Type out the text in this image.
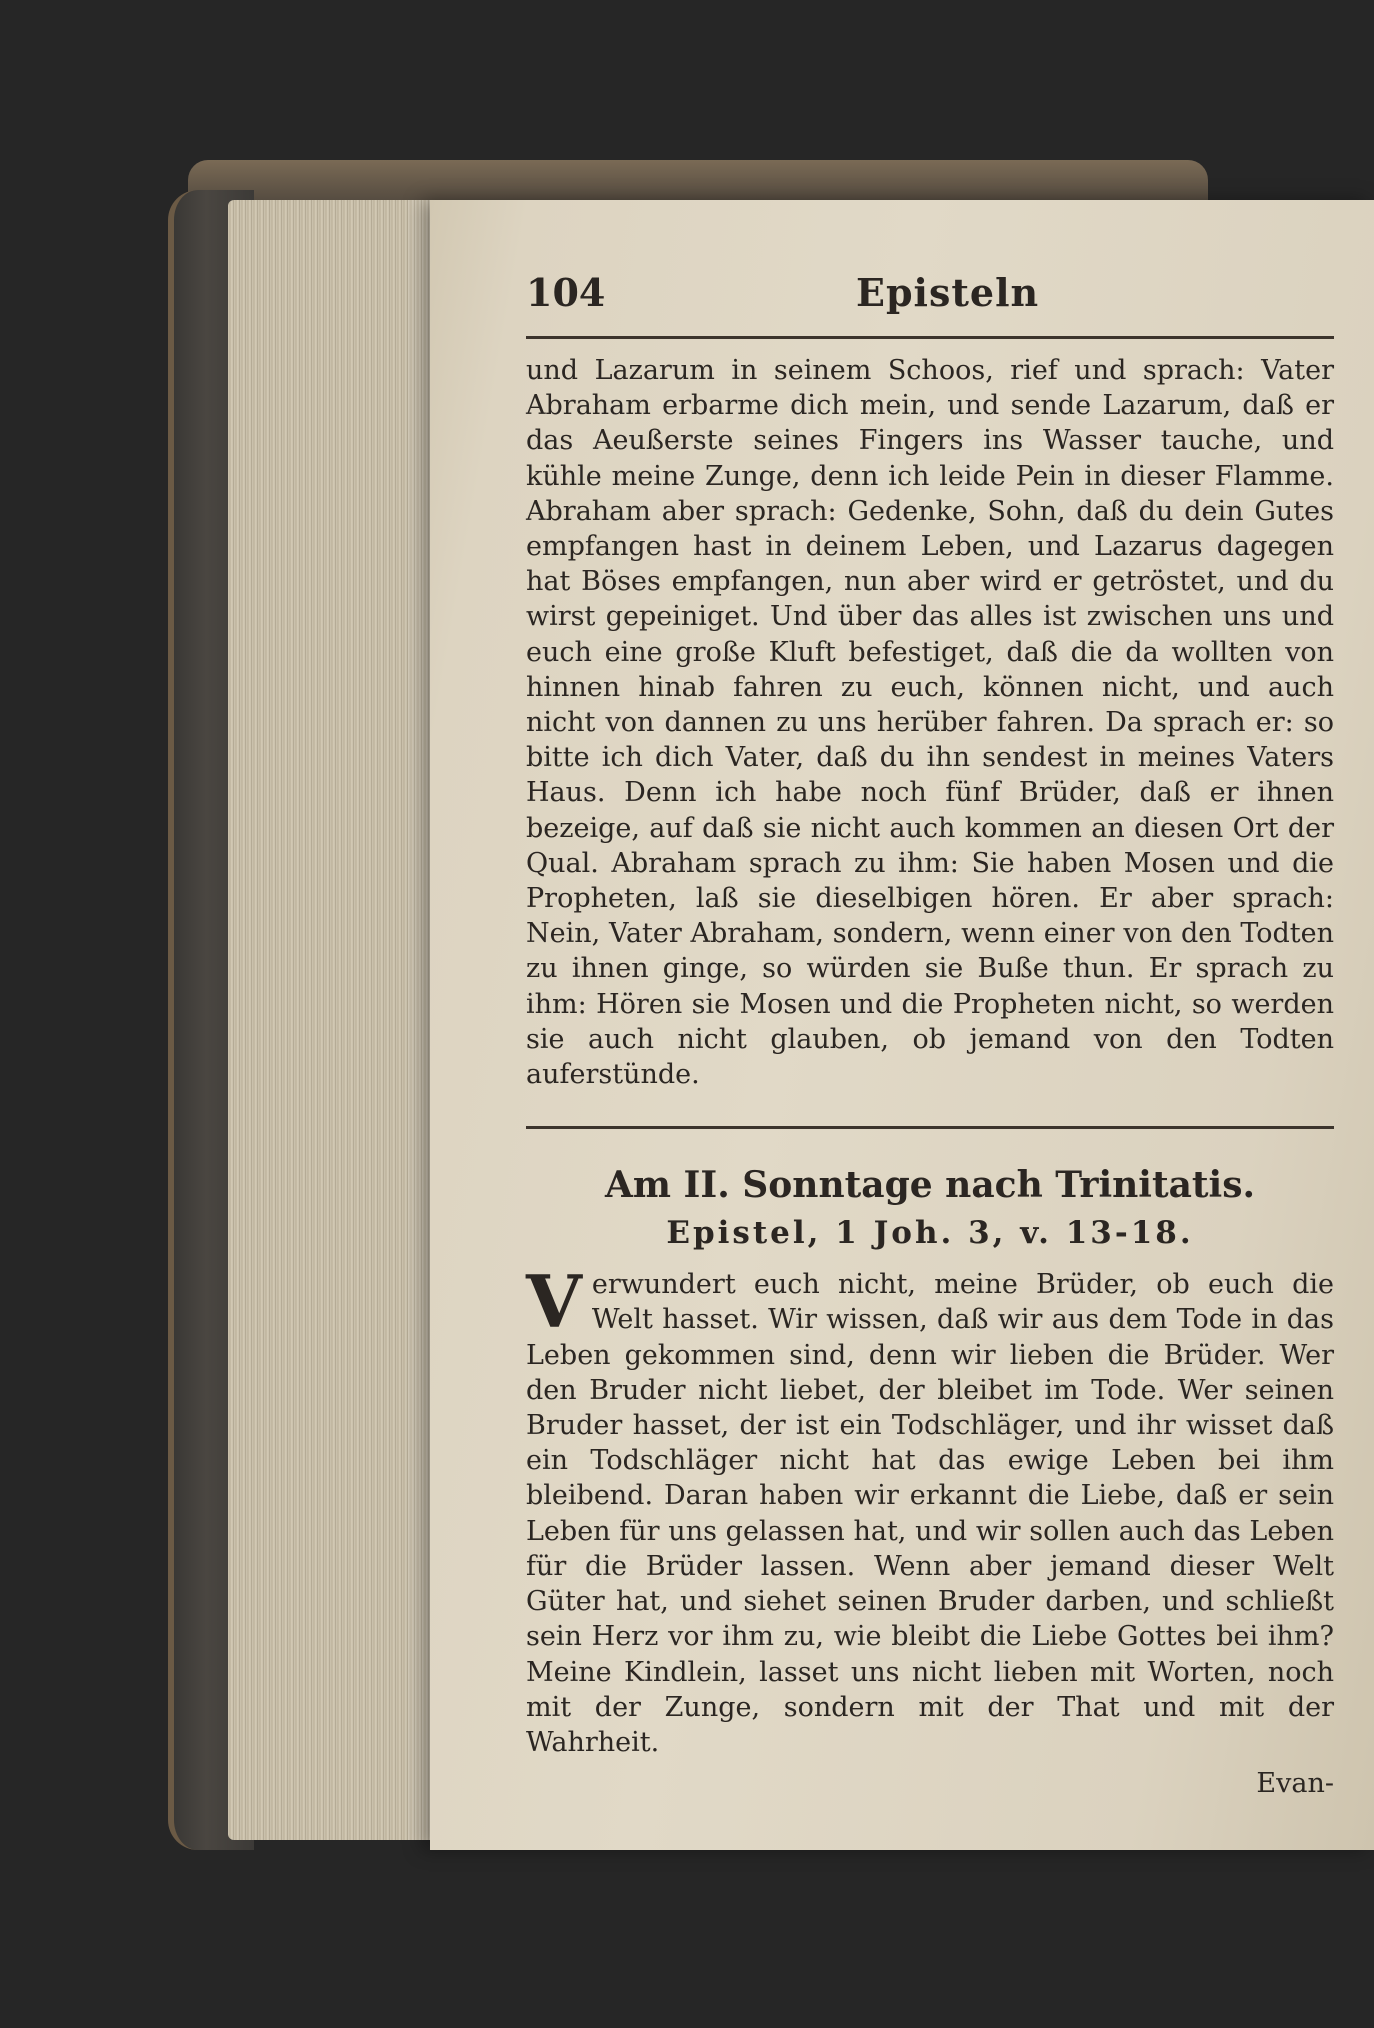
104	Episteln

und Lazarum in seinem Schoos, rief und sprach: Vater Abraham erbarme dich mein, und sende Lazarum, daß er das Aeußerste seines Fingers ins Wasser tauche, und kühle meine Zunge, denn ich leide Pein in dieser Flamme. Abraham aber sprach: Gedenke, Sohn, daß du dein Gutes empfangen hast in deinem Leben, und Lazarus dagegen hat Böses empfangen, nun aber wird er getröstet, und du wirst gepeiniget. Und über das alles ist zwischen uns und euch eine große Kluft befestiget, daß die da wollten von hinnen hinab fahren zu euch, können nicht, und auch nicht von dannen zu uns herüber fahren. Da sprach er: so bitte ich dich Vater, daß du ihn sendest in meines Vaters Haus. Denn ich habe noch fünf Brüder, daß er ihnen bezeige, auf daß sie nicht auch kommen an diesen Ort der Qual. Abraham sprach zu ihm: Sie haben Mosen und die Propheten, laß sie dieselbigen hören. Er aber sprach: Nein, Vater Abraham, sondern, wenn einer von den Todten zu ihnen ginge, so würden sie Buße thun. Er sprach zu ihm: Hören sie Mosen und die Propheten nicht, so werden sie auch nicht glauben, ob jemand von den Todten auferstünde.

Am II. Sonntage nach Trinitatis.
Epistel, 1 Joh. 3, v. 13-18.
V erwundert euch nicht, meine Brüder, ob euch die Welt hasset. Wir wissen, daß wir aus dem Tode in das Leben gekommen sind, denn wir lieben die Brüder. Wer den Bruder nicht liebet, der bleibet im Tode. Wer seinen Bruder hasset, der ist ein Todschläger, und ihr wisset daß ein Todschläger nicht hat das ewige Leben bei ihm bleibend. Daran haben wir erkannt die Liebe, daß er sein Leben für uns gelassen hat, und wir sollen auch das Leben für die Brüder lassen. Wenn aber jemand dieser Welt Güter hat, und siehet seinen Bruder darben, und schließt sein Herz vor ihm zu, wie bleibt die Liebe Gottes bei ihm? Meine Kindlein, lasset uns nicht lieben mit Worten, noch mit der Zunge, sondern mit der That und mit der Wahrheit.

Evan-
